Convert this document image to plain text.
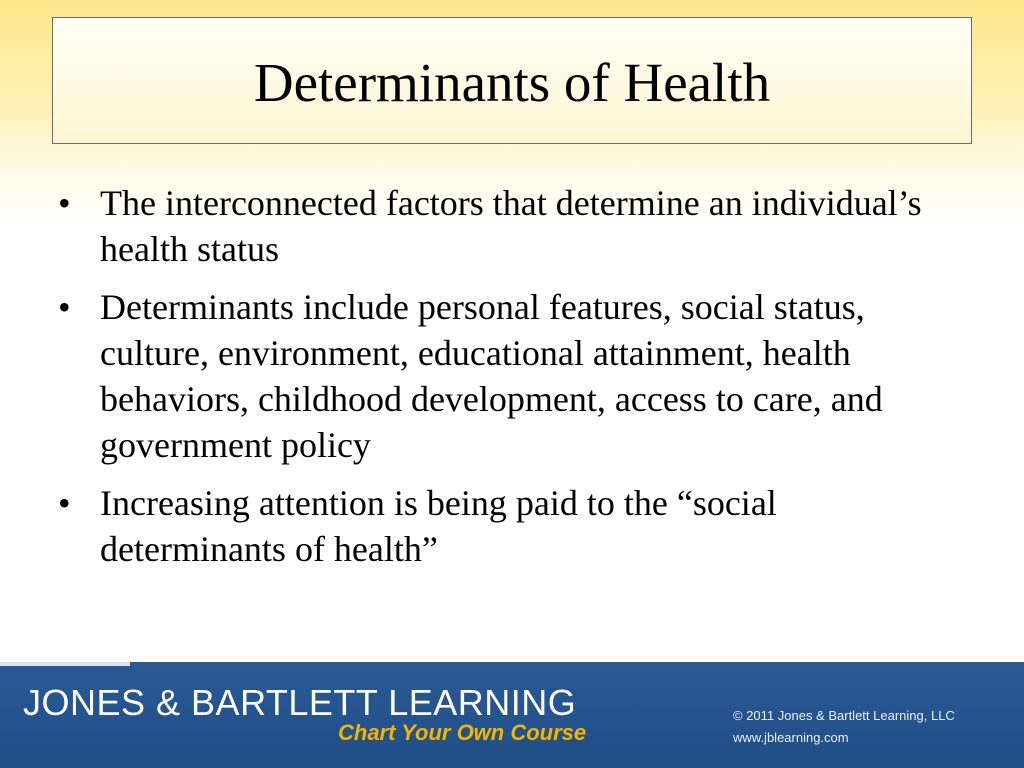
Determinants of Health
• The interconnected factors that determine an individual’s health status
• Determinants include personal features, social status, culture, environment, educational attainment, health behaviors, childhood development, access to care, and government policy
• Increasing attention is being paid to the “social determinants of health”
JONES & BARTLETT LEARNING
Chart Your Own Course
© 2011 Jones & Bartlett Learning, LLC
www.jblearning.com
